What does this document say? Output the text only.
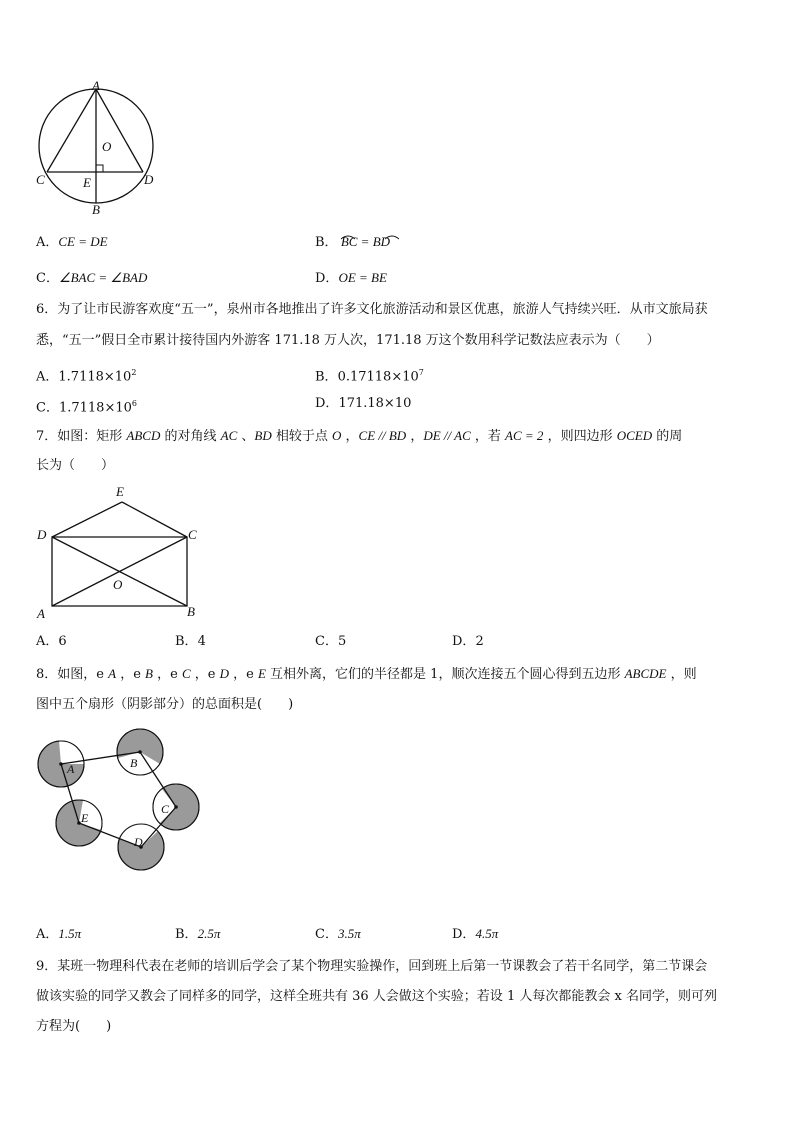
A
O
C	E	D
B
A．CE = DE	B． BC = BD
C．∠BAC = ∠BAD	D．OE = BE
6．为了让市民游客欢度“五一”，泉州市各地推出了许多文化旅游活动和景区优惠，旅游人气持续兴旺．从市文旅局获
悉，“五一”假日全市累计接待国内外游客 171.18 万人次，171.18 万这个数用科学记数法应表示为（　　）
A．$1.7118\times 10^2$	B．$0.17118\times 10^7$
C．$1.7118\times 10^6$	D．171.18×10
7．如图：矩形 ABCD 的对角线 AC 、BD 相较于点 O ，CE // BD ，DE // AC ，若 AC = 2 ，则四边形 OCED 的周
长为（　　）
E
D	C
O
A	B
A．6	B．4	C．5	D．2
8．如图，e A ，e B ，e C ，e D ，e E 互相外离，它们的半径都是 1，顺次连接五个圆心得到五边形 ABCDE ，则
图中五个扇形（阴影部分）的总面积是(　　)
A	B
C
D
E
A．1.5π	B．2.5π	C．3.5π	D．4.5π
9．某班一物理科代表在老师的培训后学会了某个物理实验操作，回到班上后第一节课教会了若干名同学，第二节课会
做该实验的同学又教会了同样多的同学，这样全班共有 36 人会做这个实验；若设 1 人每次都能教会 x 名同学，则可列
方程为(　　)
